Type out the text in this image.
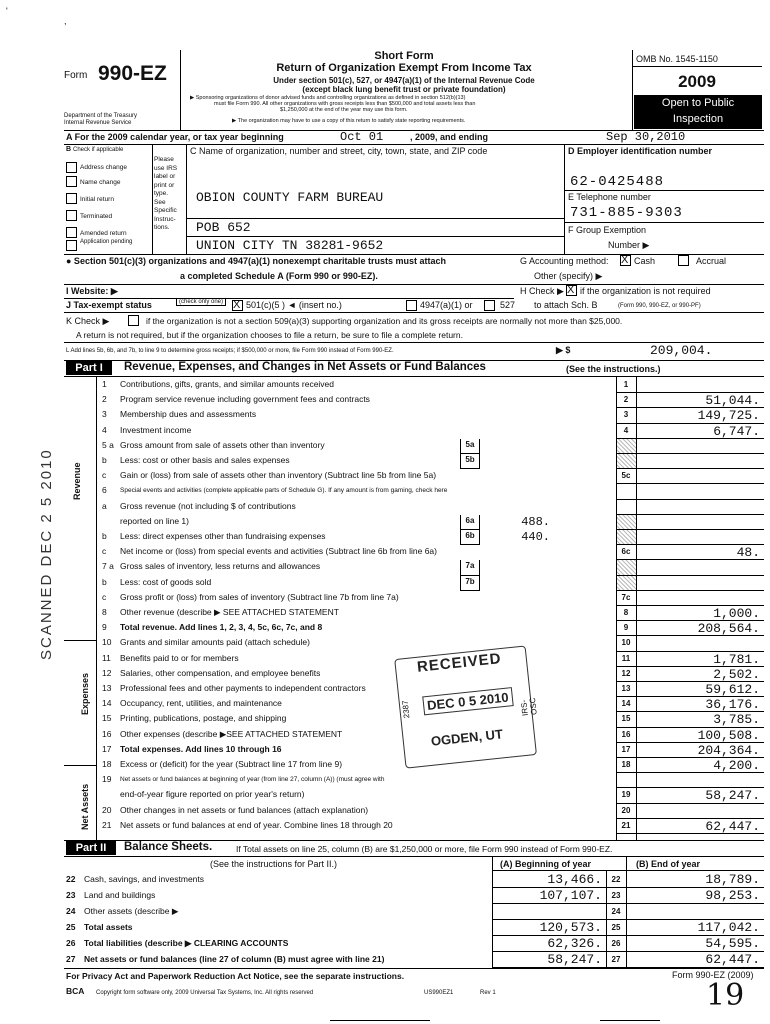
'
,
Form 990-EZ
Department of the Treasury
Internal Revenue Service
Short Form
Return of Organization Exempt From Income Tax
Under section 501(c), 527, or 4947(a)(1) of the Internal Revenue Code
(except black lung benefit trust or private foundation)
▶ Sponsoring organizations of donor advised funds and controlling organizations as defined in section 512(b)(13)
must file Form 990. All other organizations with gross receipts less than $500,000 and total assets less than
$1,250,000 at the end of the year may use this form.
▶ The organization may have to use a copy of this return to satisfy state reporting requirements.
OMB No. 1545-1150
2009
Open to Public
Inspection
A For the 2009 calendar year, or tax year beginning	Oct 01	, 2009, and ending	Sep 30,2010
B Check if applicable
Address change
Name change
Initial return
Terminated
Amended return
Application pending
Please
use IRS
label or
print or
type.
See
Specific
Instruc-
tions.
C Name of organization, number and street, city, town, state, and ZIP code
OBION COUNTY FARM BUREAU
POB 652
UNION CITY TN 38281-9652
D Employer identification number
62-0425488
E Telephone number
731-885-9303
F Group Exemption
Number ▶
● Section 501(c)(3) organizations and 4947(a)(1) nonexempt charitable trusts must attach
a completed Schedule A (Form 990 or 990-EZ).
G Accounting method: X Cash	Accrual
Other (specify) ▶
I Website: ▶	H Check ▶ X if the organization is not required
J Tax-exempt status	(check only one) X 501(c)(5 ) ◄ (insert no.)	4947(a)(1) or	527 to attach Sch. B	(Form 990, 990-EZ, or 990-PF)
K Check ▶	if the organization is not a section 509(a)(3) supporting organization and its gross receipts are normally not more than $25,000.
A return is not required, but if the organization chooses to file a return, be sure to file a complete return.
L Add lines 5b, 6b, and 7b, to line 9 to determine gross receipts; if $500,000 or more, file Form 990 instead of Form 990-EZ.	▶ $	209,004.
Part I	Revenue, Expenses, and Changes in Net Assets or Fund Balances	(See the instructions.)
Revenue
Expenses
Net Assets
1 Contributions, gifts, grants, and similar amounts received	1
2 Program service revenue including government fees and contracts	2	51,044.
3 Membership dues and assessments	3	149,725.
4 Investment income	4	6,747.
5 a Gross amount from sale of assets other than inventory	5a
b Less: cost or other basis and sales expenses	5b
c Gain or (loss) from sale of assets other than inventory (Subtract line 5b from line 5a)	5c
6 Special events and activities (complete applicable parts of Schedule G). If any amount is from gaming, check here
a Gross revenue (not including $ of contributions
reported on line 1)	6a	488.
b Less: direct expenses other than fundraising expenses	6b	440.
c Net income or (loss) from special events and activities (Subtract line 6b from line 6a)	6c	48.
7 a Gross sales of inventory, less returns and allowances	7a
b Less: cost of goods sold	7b
c Gross profit or (loss) from sales of inventory (Subtract line 7b from line 7a)	7c
8 Other revenue (describe ▶ SEE ATTACHED STATEMENT	8	1,000.
9 Total revenue. Add lines 1, 2, 3, 4, 5c, 6c, 7c, and 8	9	208,564.
10 Grants and similar amounts paid (attach schedule)	10
11 Benefits paid to or for members	11	1,781.
12 Salaries, other compensation, and employee benefits	12	2,502.
13 Professional fees and other payments to independent contractors	13	59,612.
14 Occupancy, rent, utilities, and maintenance	14	36,176.
15 Printing, publications, postage, and shipping	15	3,785.
16 Other expenses (describe ▶SEE ATTACHED STATEMENT	16	100,508.
17 Total expenses. Add lines 10 through 16	17	204,364.
18 Excess or (deficit) for the year (Subtract line 17 from line 9)	18	4,200.
19 Net assets or fund balances at beginning of year (from line 27, column (A)) (must agree with
end-of-year figure reported on prior year's return)	19	58,247.
20 Other changes in net assets or fund balances (attach explanation)	20
21 Net assets or fund balances at end of year. Combine lines 18 through 20	21	62,447.
RECEIVED
DEC 0 5 2010
OGDEN, UT
2387	IRS-OSC
SCANNED DEC 2 5 2010
Part II	Balance Sheets.	If Total assets on line 25, column (B) are $1,250,000 or more, file Form 990 instead of Form 990-EZ.
(See the instructions for Part II.)	(A) Beginning of year	(B) End of year
22 Cash, savings, and investments	13,466.	22	18,789.
23 Land and buildings	107,107.	23	98,253.
24 Other assets (describe ▶	24
25 Total assets	120,573.	25	117,042.
26 Total liabilities (describe ▶ CLEARING ACCOUNTS	62,326.	26	54,595.
27 Net assets or fund balances (line 27 of column (B) must agree with line 21)	58,247.	27	62,447.
For Privacy Act and Paperwork Reduction Act Notice, see the separate instructions.	Form 990-EZ (2009)
BCA Copyright form software only, 2009 Universal Tax Systems, Inc. All rights reserved	US990EZ1	Rev 1	19
